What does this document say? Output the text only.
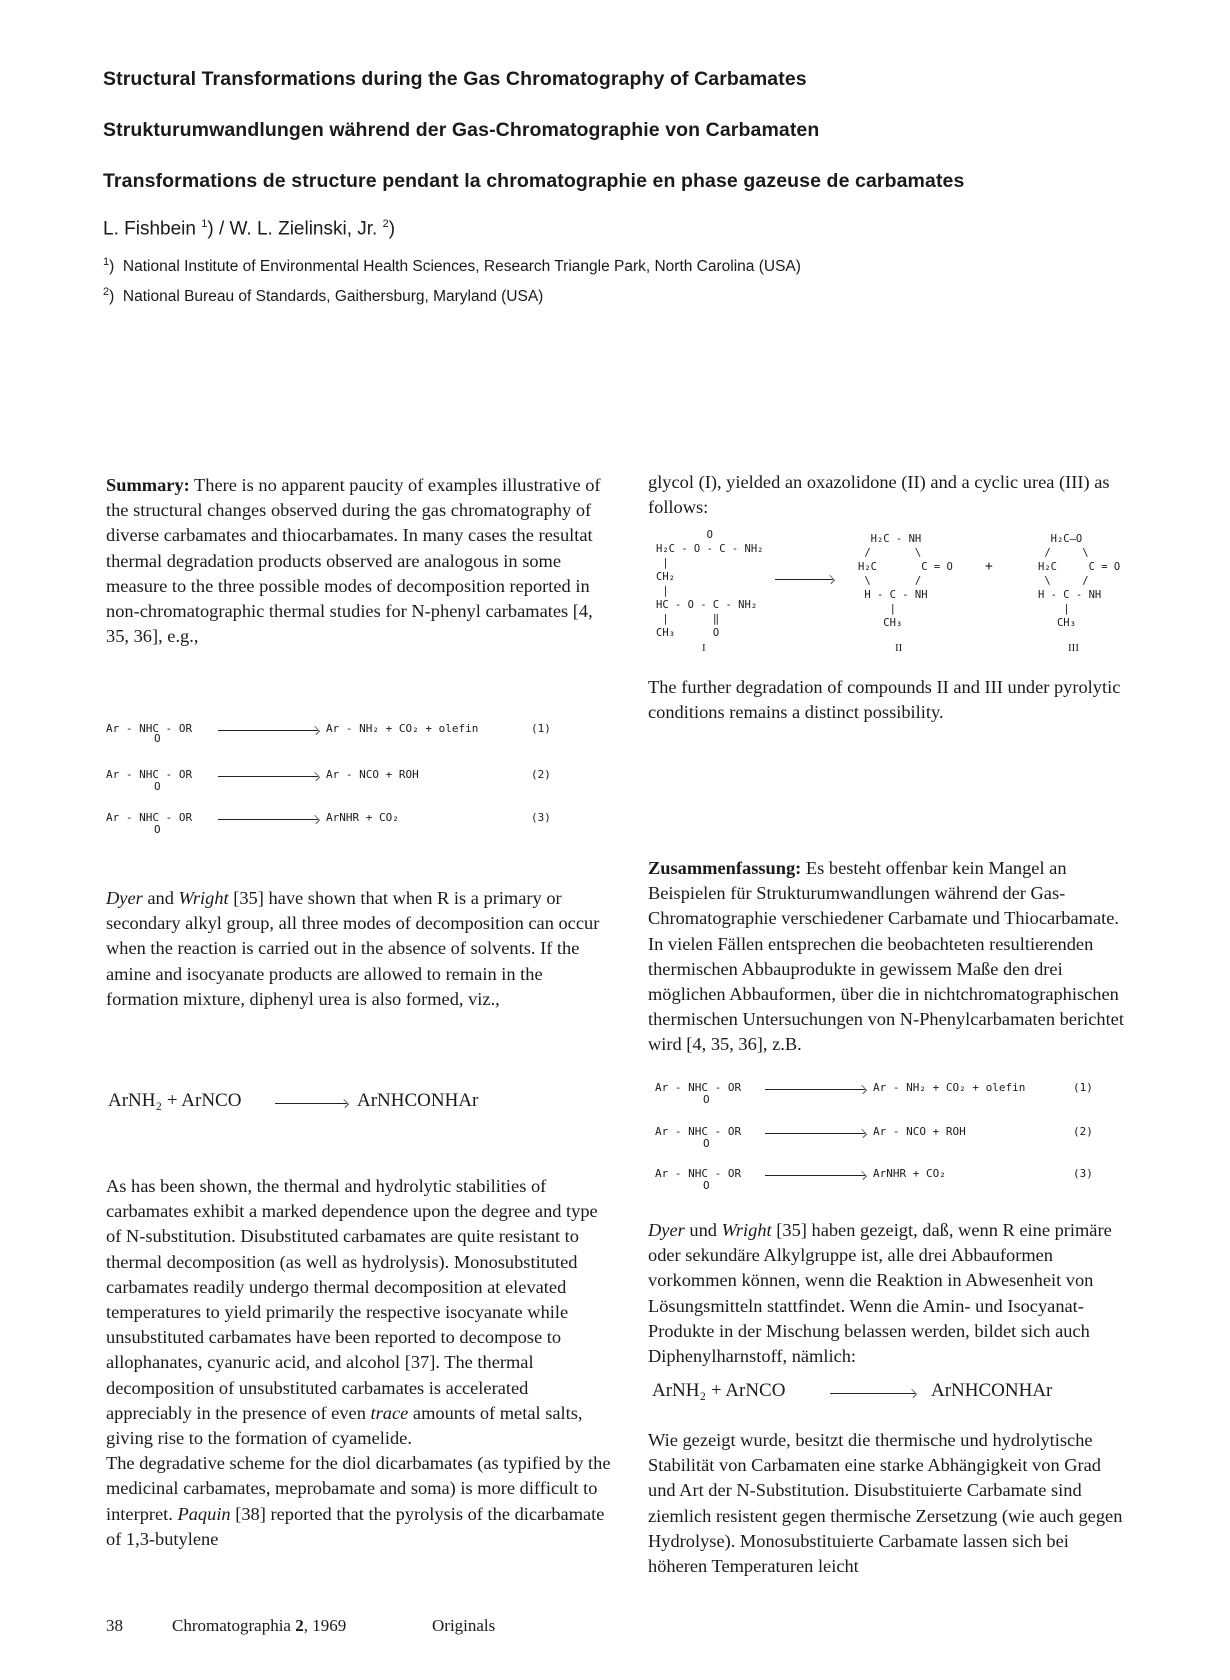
Structural Transformations during the Gas Chromatography of Carbamates
Strukturumwandlungen während der Gas-Chromatographie von Carbamaten
Transformations de structure pendant la chromatographie en phase gazeuse de carbamates
L. Fishbein $^1$) / W. L. Zielinski, Jr. $^2$)
$^1$)  National Institute of Environmental Health Sciences, Research Triangle Park, North Carolina (USA)
$^2$)  National Bureau of Standards, Gaithersburg, Maryland (USA)

Summary: There is no apparent paucity of examples illustrative of the structural changes observed during the gas chromatography of diverse carbamates and thiocarbamates. In many cases the resultat thermal degradation products observed are analogous in some measure to the three possible modes of decomposition reported in non-chromatographic thermal studies for N-phenyl carbamates [4, 35, 36], e.g.,

Ar - NHC - OR
O
Ar - NH₂ + CO₂ + olefin	(1)
Ar - NHC - OR
O
Ar - NCO + ROH	(2)
Ar - NHC - OR
O
ArNHR + CO₂	(3)

Dyer and Wright [35] have shown that when R is a primary or secondary alkyl group, all three modes of decomposition can occur when the reaction is carried out in the absence of solvents. If the amine and isocyanate products are allowed to remain in the formation mixture, diphenyl urea is also formed, viz.,

ArNH₂ + ArNCO	ArNHCONHAr

As has been shown, the thermal and hydrolytic stabilities of carbamates exhibit a marked dependence upon the degree and type of N-substitution. Disubstituted carbamates are quite resistant to thermal decomposition (as well as hydrolysis). Monosubstituted carbamates readily undergo thermal decomposition at elevated temperatures to yield primarily the respective isocyanate while unsubstituted carbamates have been reported to decompose to allophanates, cyanuric acid, and alcohol [37]. The thermal decomposition of unsubstituted carbamates is accelerated appreciably in the presence of even trace amounts of metal salts, giving rise to the formation of cyamelide.

The degradative scheme for the diol dicarbamates (as typified by the medicinal carbamates, meprobamate and soma) is more difficult to interpret. Paquin [38] reported that the pyrolysis of the dicarbamate of 1,3-butylene

glycol (I), yielded an oxazolidone (II) and a cyclic urea (III) as follows:

O
H₂C - O - C - NH₂
|
CH₂
|
HC - O - C - NH₂
|       ‖
CH₃      O
H₂C - NH
/       \
H₂C       C = O
\       /
H - C - NH
|
CH₃
+
H₂C—O
/     \
H₂C     C = O
\     /
H - C - NH
|
CH₃
I	II	III

The further degradation of compounds II and III under pyrolytic conditions remains a distinct possibility.

Zusammenfassung: Es besteht offenbar kein Mangel an Beispielen für Strukturumwandlungen während der Gas-Chromatographie verschiedener Carbamate und Thiocarbamate. In vielen Fällen entsprechen die beobachteten resultierenden thermischen Abbauprodukte in gewissem Maße den drei möglichen Abbauformen, über die in nichtchromatographischen thermischen Untersuchungen von N-Phenylcarbamaten berichtet wird [4, 35, 36], z.B.

Ar - NHC - OR
O
Ar - NH₂ + CO₂ + olefin	(1)
Ar - NHC - OR
O
Ar - NCO + ROH	(2)
Ar - NHC - OR
O
ArNHR + CO₂	(3)

Dyer und Wright [35] haben gezeigt, daß, wenn R eine primäre oder sekundäre Alkylgruppe ist, alle drei Abbauformen vorkommen können, wenn die Reaktion in Abwesenheit von Lösungsmitteln stattfindet. Wenn die Amin- und Isocyanat-Produkte in der Mischung belassen werden, bildet sich auch Diphenylharnstoff, nämlich:

ArNH₂ + ArNCO	ArNHCONHAr

Wie gezeigt wurde, besitzt die thermische und hydrolytische Stabilität von Carbamaten eine starke Abhängigkeit von Grad und Art der N-Substitution. Disubstituierte Carbamate sind ziemlich resistent gegen thermische Zersetzung (wie auch gegen Hydrolyse). Monosubstituierte Carbamate lassen sich bei höheren Temperaturen leicht

38	Chromatographia 2, 1969	Originals
